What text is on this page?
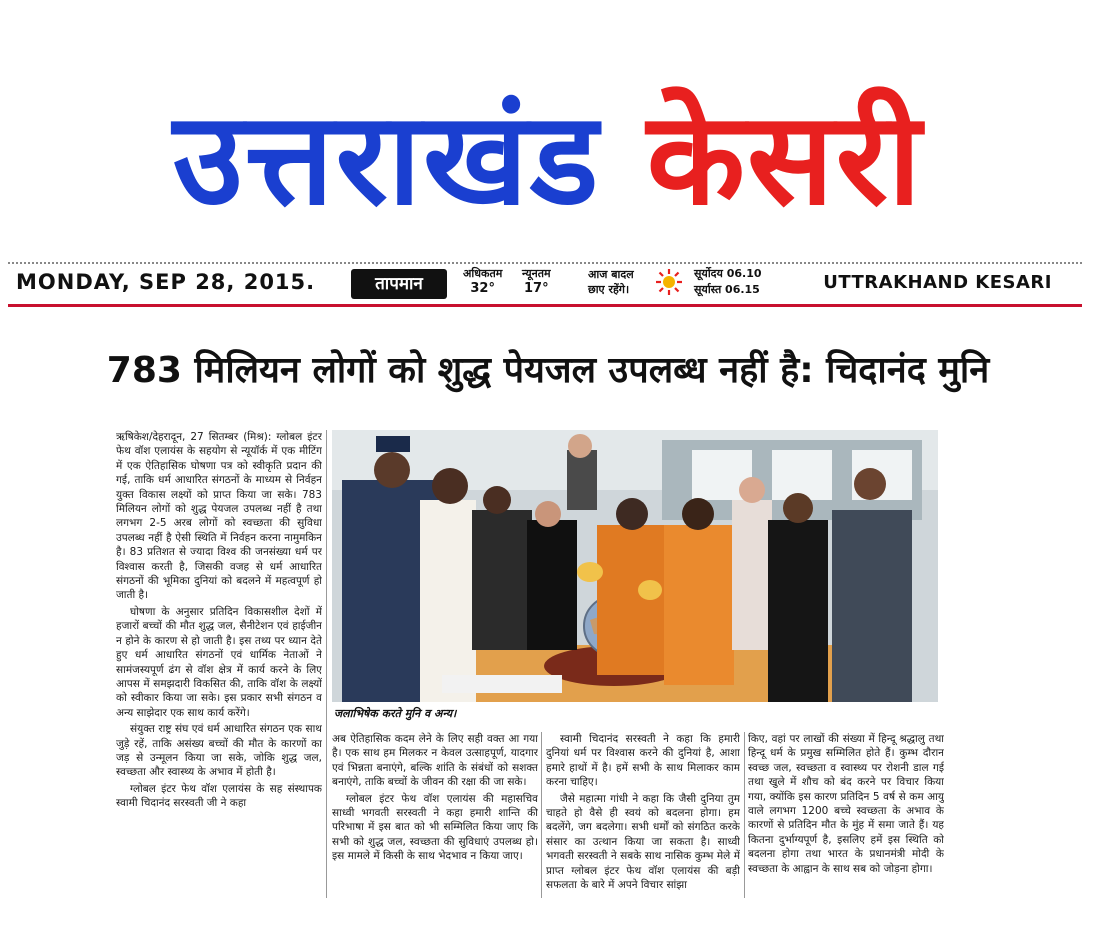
उत्तराखंड केसरी
MONDAY, SEP 28, 2015.	तापमान
अधिकतम
32°
न्यूनतम
17°
आज बादल
छाए रहेंगे।
सूर्योदय 06.10
सूर्यास्त 06.15	UTTRAKHAND KESARI
783 मिलियन लोगों को शुद्ध पेयजल उपलब्ध नहीं है: चिदानंद मुनि

ऋषिकेश/देहरादून, 27 सितम्बर (मिश्र): ग्लोबल इंटर फेथ वॉश एलायंस के सहयोग से न्यूयॉर्क में एक मीटिंग में एक ऐतिहासिक घोषणा पत्र को स्वीकृति प्रदान की गई, ताकि धर्म आधारित संगठनों के माध्यम से निर्वहन युक्त विकास लक्ष्यों को प्राप्त किया जा सके। 783 मिलियन लोगों को शुद्ध पेयजल उपलब्ध नहीं है तथा लगभग 2-5 अरब लोगों को स्वच्छता की सुविधा उपलब्ध नहीं है ऐसी स्थिति में निर्वहन करना नामुमकिन है। 83 प्रतिशत से ज्यादा विश्व की जनसंख्या धर्म पर विश्वास करती है, जिसकी वजह से धर्म आधारित संगठनों की भूमिका दुनियां को बदलने में महत्वपूर्ण हो जाती है।

घोषणा के अनुसार प्रतिदिन विकासशील देशों में हजारों बच्चों की मौत शुद्ध जल, सैनीटेशन एवं हाईजीन न होने के कारण से हो जाती है। इस तथ्य पर ध्यान देते हुए धर्म आधारित संगठनों एवं धार्मिक नेताओं ने सामंजस्यपूर्ण ढंग से वॉश क्षेत्र में कार्य करने के लिए आपस में समझदारी विकसित की, ताकि वॉश के लक्ष्यों को स्वीकार किया जा सके। इस प्रकार सभी संगठन व अन्य साझेदार एक साथ कार्य करेंगे।

संयुक्त राष्ट्र संघ एवं धर्म आधारित संगठन एक साथ जुड़े रहें, ताकि असंख्य बच्चों की मौत के कारणों का जड़ से उन्मूलन किया जा सके, जोकि शुद्ध जल, स्वच्छता और स्वास्थ्य के अभाव में होती है।

ग्लोबल इंटर फेथ वॉश एलायंस के सह संस्थापक स्वामी चिदानंद सरस्वती जी ने कहा

जलाभिषेक करते मुनि व अन्य।

अब ऐतिहासिक कदम लेने के लिए सही वक्त आ गया है। एक साथ हम मिलकर न केवल उत्साहपूर्ण, यादगार एवं भिन्नता बनाएंगे, बल्कि शांति के संबंधों को सशक्त बनाएंगे, ताकि बच्चों के जीवन की रक्षा की जा सके।

ग्लोबल इंटर फेथ वॉश एलायंस की महासचिव साध्वी भगवती सरस्वती ने कहा हमारी शान्ति की परिभाषा में इस बात को भी सम्मिलित किया जाए कि सभी को शुद्ध जल, स्वच्छता की सुविधाएं उपलब्ध हो। इस मामले में किसी के साथ भेदभाव न किया जाए।

स्वामी चिदानंद सरस्वती ने कहा कि हमारी दुनियां धर्म पर विश्वास करने की दुनियां है, आशा हमारे हाथों में है। हमें सभी के साथ मिलाकर काम करना चाहिए।

जैसे महात्मा गांधी ने कहा कि जैसी दुनिया तुम चाहते हो वैसे ही स्वयं को बदलना होगा। हम बदलेंगे, जग बदलेगा। सभी धर्मों को संगठित करके संसार का उत्थान किया जा सकता है। साध्वी भगवती सरस्वती ने सबके साथ नासिक कुम्भ मेले में प्राप्त ग्लोबल इंटर फेथ वॉश एलायंस की बड़ी सफलता के बारे में अपने विचार सांझा

किए, वहां पर लाखों की संख्या में हिन्दू श्रद्धालु तथा हिन्दू धर्म के प्रमुख सम्मिलित होते हैं। कुम्भ दौरान स्वच्छ जल, स्वच्छता व स्वास्थ्य पर रोशनी डाल गई तथा खुले में शौच को बंद करने पर विचार किया गया, क्योंकि इस कारण प्रतिदिन 5 वर्ष से कम आयु वाले लगभग 1200 बच्चे स्वच्छता के अभाव के कारणों से प्रतिदिन मौत के मुंह में समा जाते हैं। यह कितना दुर्भाग्यपूर्ण है, इसलिए हमें इस स्थिति को बदलना होगा तथा भारत के प्रधानमंत्री मोदी के स्वच्छता के आह्वान के साथ सब को जोड़ना होगा।
